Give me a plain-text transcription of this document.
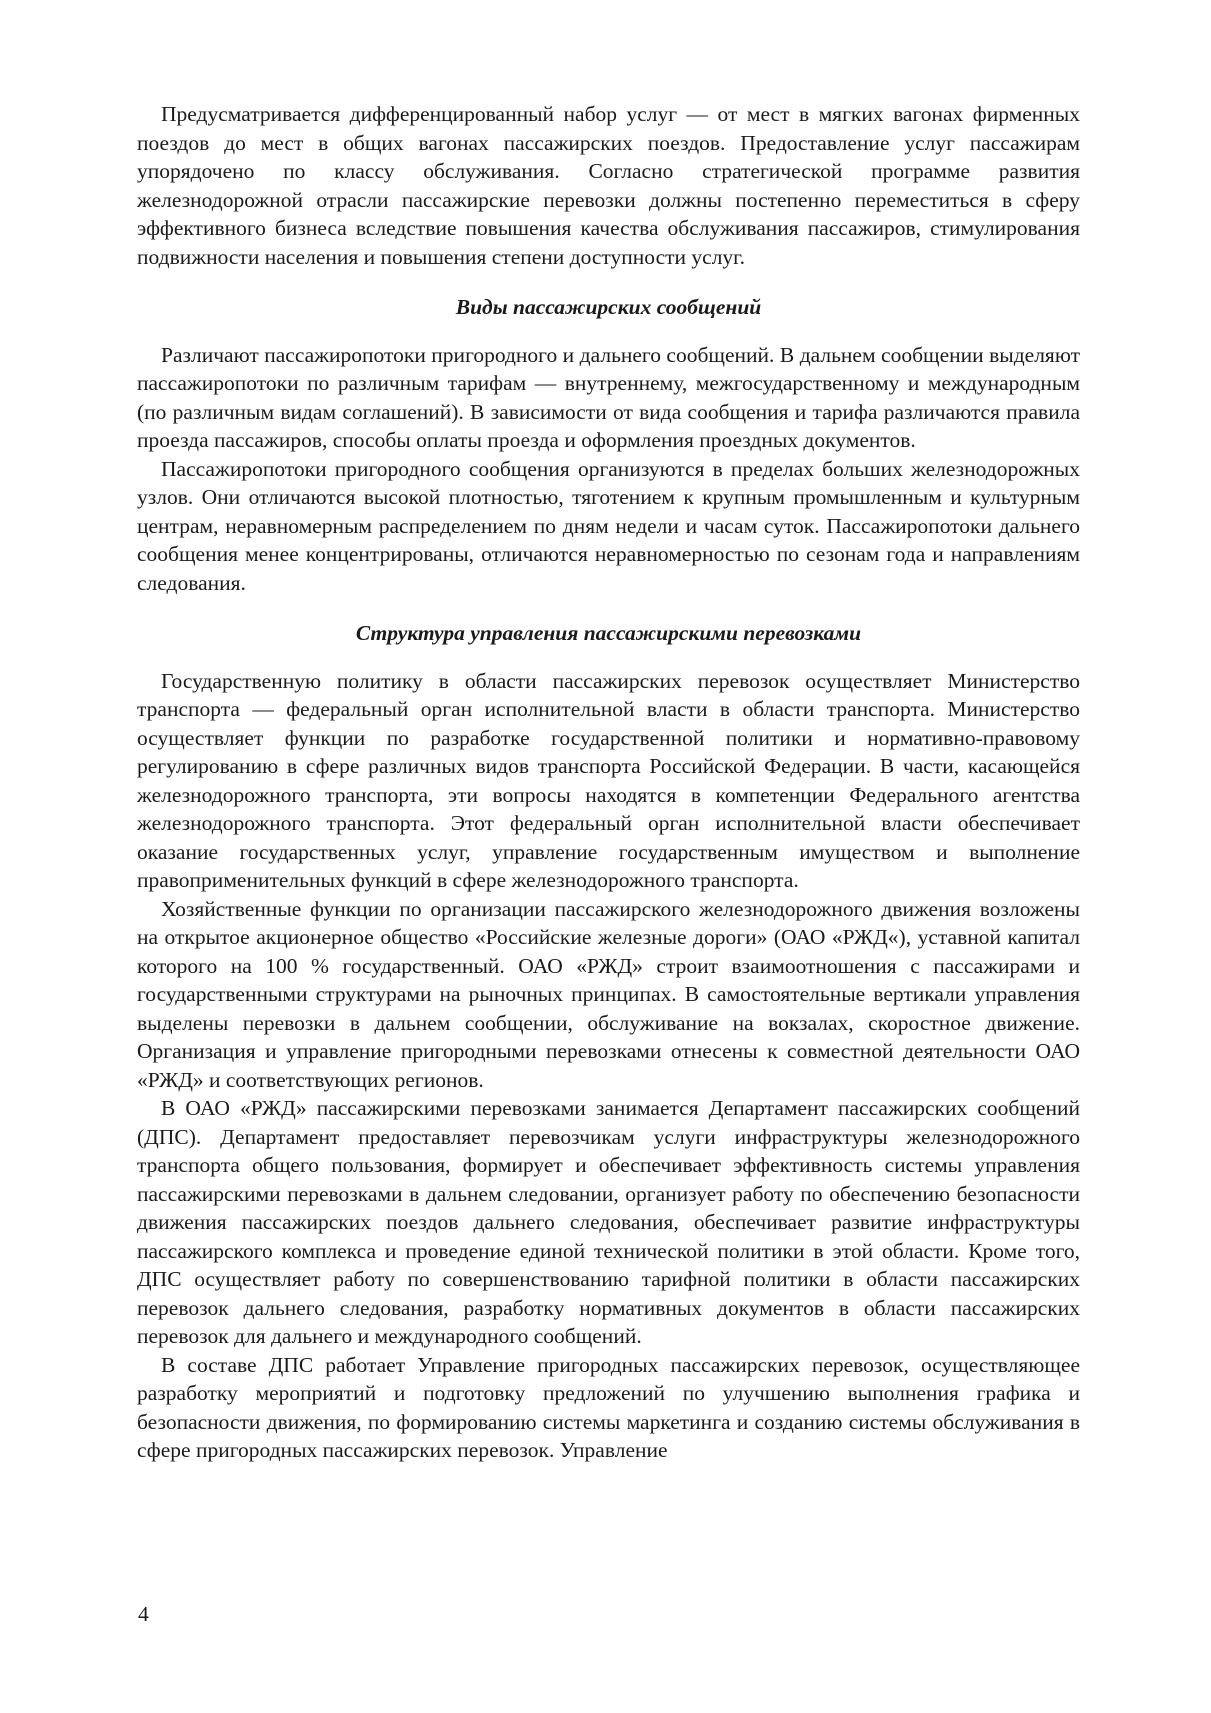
Предусматривается дифференцированный набор услуг — от мест в мягких вагонах фирменных поездов до мест в общих вагонах пассажирских поездов. Предоставление услуг пассажирам упорядочено по классу обслуживания. Согласно стратегической программе развития железнодорожной отрасли пассажирские перевозки должны постепенно переместиться в сферу эффективного бизнеса вследствие повышения качества обслуживания пассажиров, стимулирования подвижности населения и повышения степени доступности услуг.

Виды пассажирских сообщений

Различают пассажиропотоки пригородного и дальнего сообщений. В дальнем сообщении выделяют пассажиропотоки по различным тарифам — внутреннему, межгосударственному и международным (по различным видам соглашений). В зависимости от вида сообщения и тарифа различаются правила проезда пассажиров, способы оплаты проезда и оформления проездных документов.

Пассажиропотоки пригородного сообщения организуются в пределах больших железнодорожных узлов. Они отличаются высокой плотностью, тяготением к крупным промышленным и культурным центрам, неравномерным распределением по дням недели и часам суток. Пассажиропотоки дальнего сообщения менее концентрированы, отличаются неравномерностью по сезонам года и направлениям следования.

Структура управления пассажирскими перевозками

Государственную политику в области пассажирских перевозок осуществляет Министерство транспорта — федеральный орган исполнительной власти в области транспорта. Министерство осуществляет функции по разработке государственной политики и нормативно-правовому регулированию в сфере различных видов транспорта Российской Федерации. В части, касающейся железнодорожного транспорта, эти вопросы находятся в компетенции Федерального агентства железнодорожного транспорта. Этот федеральный орган исполнительной власти обеспечивает оказание государственных услуг, управление государственным имуществом и выполнение правоприменительных функций в сфере железнодорожного транспорта.

Хозяйственные функции по организации пассажирского железнодорожного движения возложены на открытое акционерное общество «Российские железные дороги» (ОАО «РЖД«), уставной капитал которого на 100 % государственный. ОАО «РЖД» строит взаимоотношения с пассажирами и государственными структурами на рыночных принципах. В самостоятельные вертикали управления выделены перевозки в дальнем сообщении, обслуживание на вокзалах, скоростное движение. Организация и управление пригородными перевозками отнесены к совместной деятельности ОАО «РЖД» и соответствующих регионов.

В ОАО «РЖД» пассажирскими перевозками занимается Департамент пассажирских сообщений (ДПС). Департамент предоставляет перевозчикам услуги инфраструктуры железнодорожного транспорта общего пользования, формирует и обеспечивает эффективность системы управления пассажирскими перевозками в дальнем следовании, организует работу по обеспечению безопасности движения пассажирских поездов дальнего следования, обеспечивает развитие инфраструктуры пассажирского комплекса и проведение единой технической политики в этой области. Кроме того, ДПС осуществляет работу по совершенствованию тарифной политики в области пассажирских перевозок дальнего следования, разработку нормативных документов в области пассажирских перевозок для дальнего и международного сообщений.

В составе ДПС работает Управление пригородных пассажирских перевозок, осуществляющее разработку мероприятий и подготовку предложений по улучшению выполнения графика и безопасности движения, по формированию системы маркетинга и созданию системы обслуживания в сфере пригородных пассажирских перевозок. Управление

4
